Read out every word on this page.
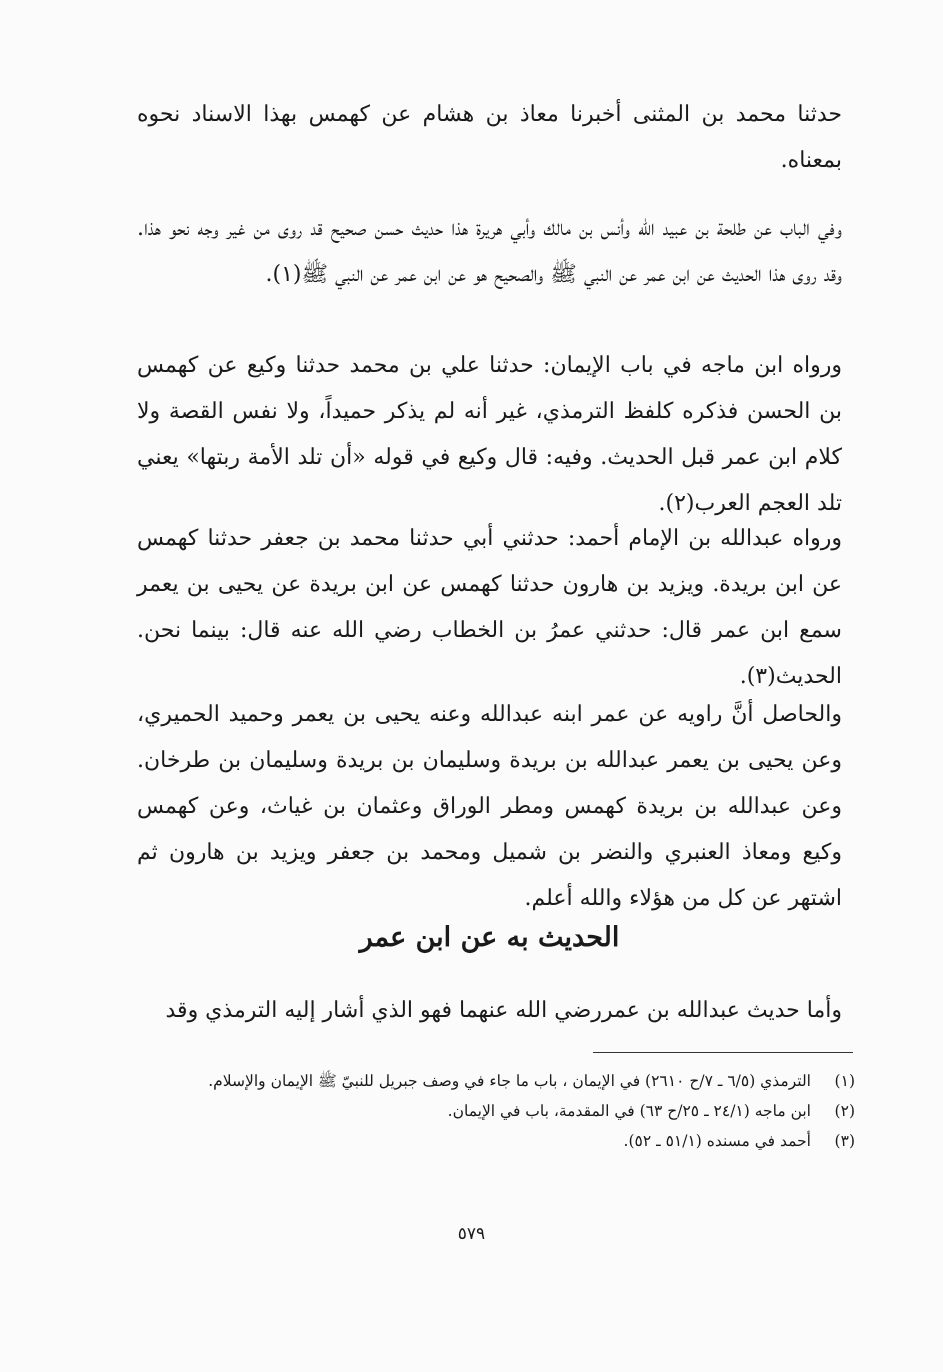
حدثنا محمد بن المثنى أخبرنا معاذ بن هشام عن كهمس بهذا الاسناد نحوه بمعناه.

وفي الباب عن طلحة بن عبيد الله وأنس بن مالك وأبي هريرة هذا حديث حسن صحيح قد روى من غير وجه نحو هذا. وقد روى هذا الحديث عن ابن عمر عن النبي ﷺ والصحيح هو عن ابن عمر عن النبي ﷺ(١).

ورواه ابن ماجه في باب الإيمان: حدثنا علي بن محمد حدثنا وكيع عن كهمس بن الحسن فذكره كلفظ الترمذي، غير أنه لم يذكر حميداً، ولا نفس القصة ولا كلام ابن عمر قبل الحديث. وفيه: قال وكيع في قوله «أن تلد الأمة ربتها» يعني تلد العجم العرب(٢).

ورواه عبدالله بن الإمام أحمد: حدثني أبي حدثنا محمد بن جعفر حدثنا كهمس عن ابن بريدة. ويزيد بن هارون حدثنا كهمس عن ابن بريدة عن يحيى بن يعمر سمع ابن عمر قال: حدثني عمرُ بن الخطاب رضي الله عنه قال: بينما نحن. الحديث(٣).

والحاصل أنَّ راويه عن عمر ابنه عبدالله وعنه يحيى بن يعمر وحميد الحميري، وعن يحيى بن يعمر عبدالله بن بريدة وسليمان بن بريدة وسليمان بن طرخان. وعن عبدالله بن بريدة كهمس ومطر الوراق وعثمان بن غياث، وعن كهمس وكيع ومعاذ العنبري والنضر بن شميل ومحمد بن جعفر ويزيد بن هارون ثم اشتهر عن كل من هؤلاء والله أعلم.

الحديث به عن ابن عمر

وأما حديث عبدالله بن عمررضي الله عنهما فهو الذي أشار إليه الترمذي وقد

(١)
الترمذي (٦/٥ ـ ٧/ح ٢٦١٠) في الإيمان ، باب ما جاء في وصف جبريل للنبيّ ﷺ الإيمان والإسلام.
(٢)
ابن ماجه (٢٤/١ ـ ٢٥/ح ٦٣) في المقدمة، باب في الإيمان.
(٣)
أحمد في مسنده (٥١/١ ـ ٥٢).
٥٧٩
